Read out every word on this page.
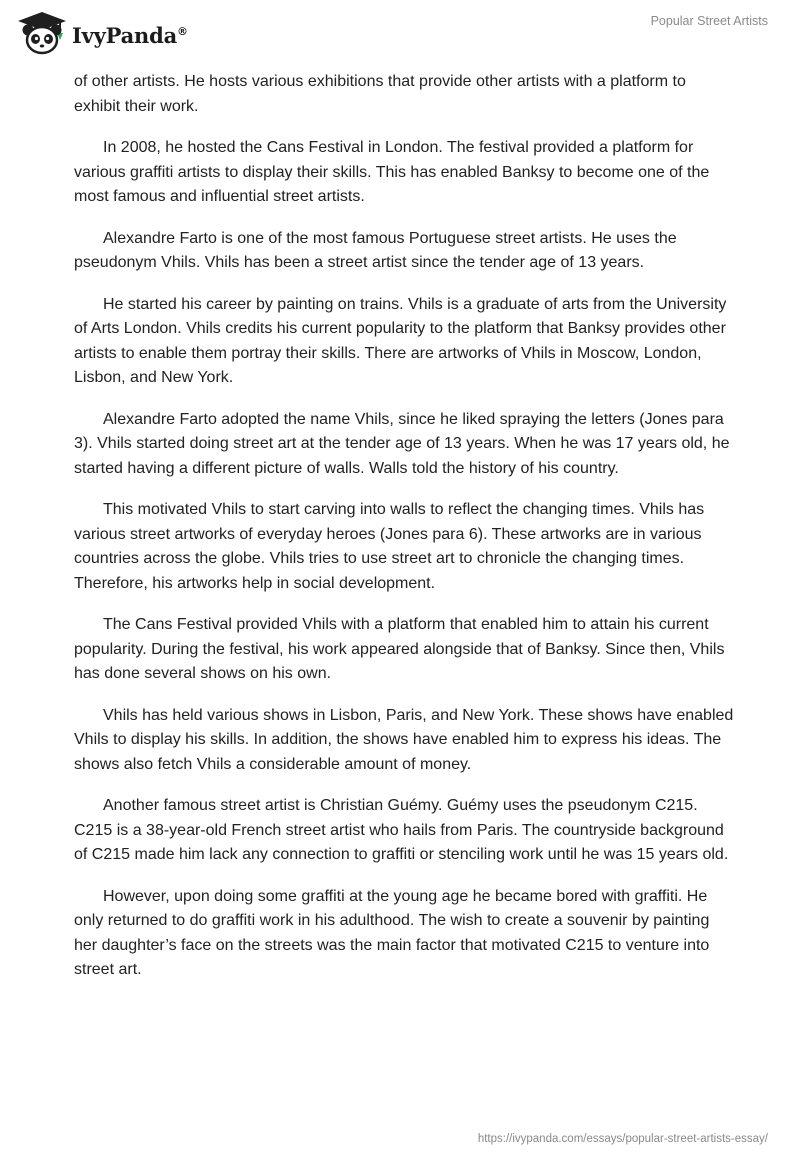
IvyPanda®
Popular Street Artists

of other artists. He hosts various exhibitions that provide other artists with a platform to exhibit their work.

In 2008, he hosted the Cans Festival in London. The festival provided a platform for various graffiti artists to display their skills. This has enabled Banksy to become one of the most famous and influential street artists.

Alexandre Farto is one of the most famous Portuguese street artists. He uses the pseudonym Vhils. Vhils has been a street artist since the tender age of 13 years.

He started his career by painting on trains. Vhils is a graduate of arts from the University of Arts London. Vhils credits his current popularity to the platform that Banksy provides other artists to enable them portray their skills. There are artworks of Vhils in Moscow, London, Lisbon, and New York.

Alexandre Farto adopted the name Vhils, since he liked spraying the letters (Jones para 3). Vhils started doing street art at the tender age of 13 years. When he was 17 years old, he started having a different picture of walls. Walls told the history of his country.

This motivated Vhils to start carving into walls to reflect the changing times. Vhils has various street artworks of everyday heroes (Jones para 6). These artworks are in various countries across the globe. Vhils tries to use street art to chronicle the changing times. Therefore, his artworks help in social development.

The Cans Festival provided Vhils with a platform that enabled him to attain his current popularity. During the festival, his work appeared alongside that of Banksy. Since then, Vhils has done several shows on his own.

Vhils has held various shows in Lisbon, Paris, and New York. These shows have enabled Vhils to display his skills. In addition, the shows have enabled him to express his ideas. The shows also fetch Vhils a considerable amount of money.

Another famous street artist is Christian Guémy. Guémy uses the pseudonym C215. C215 is a 38-year-old French street artist who hails from Paris. The countryside background of C215 made him lack any connection to graffiti or stenciling work until he was 15 years old.

However, upon doing some graffiti at the young age he became bored with graffiti. He only returned to do graffiti work in his adulthood. The wish to create a souvenir by painting her daughter’s face on the streets was the main factor that motivated C215 to venture into street art.

https://ivypanda.com/essays/popular-street-artists-essay/
